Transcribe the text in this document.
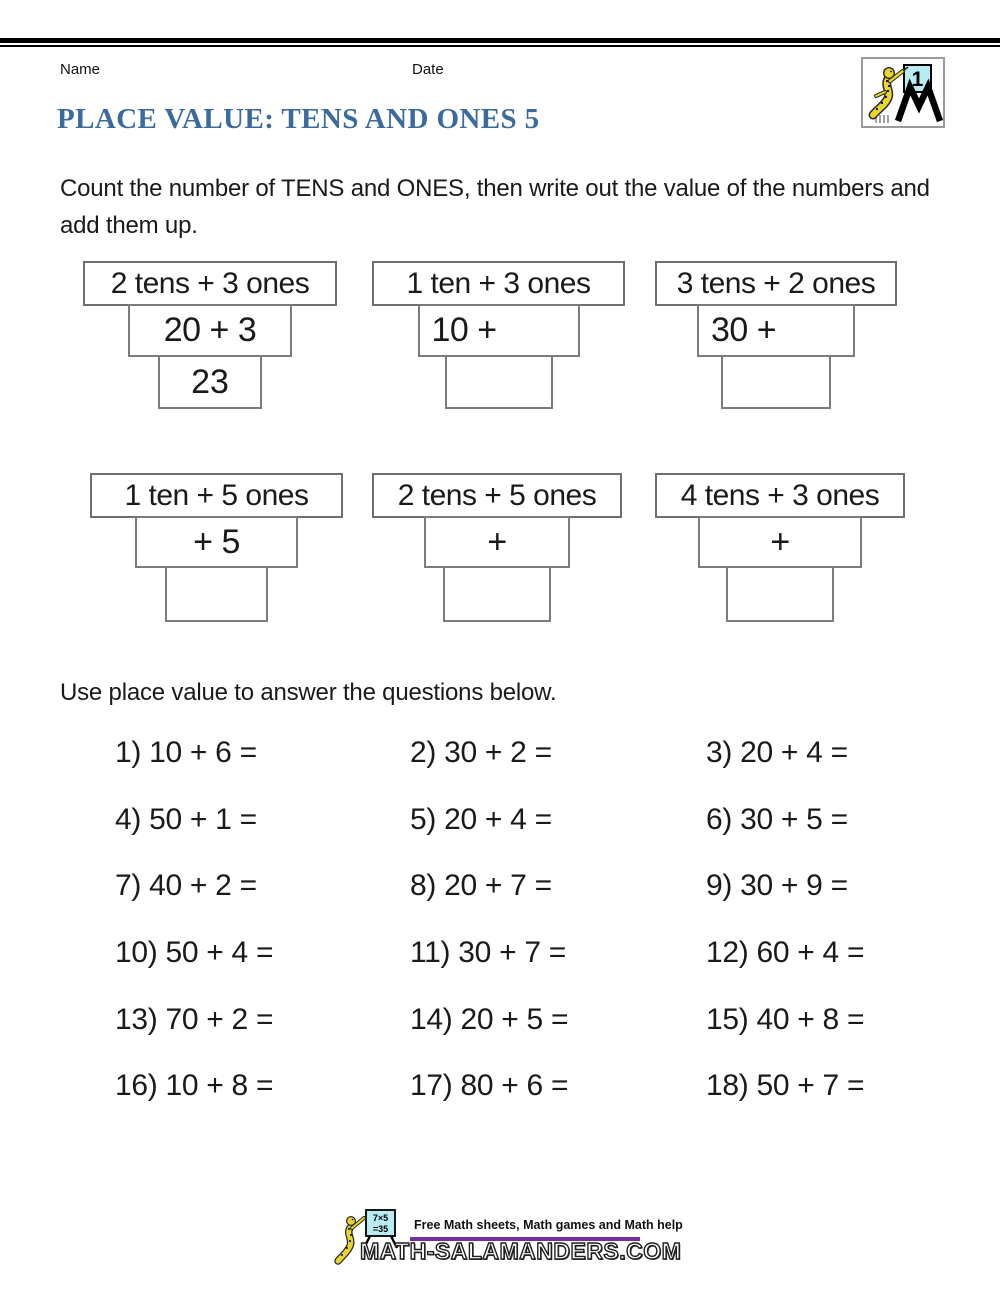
Name	Date	1
PLACE VALUE: TENS AND ONES 5
Count the number of TENS and ONES, then write out the value of the numbers and
add them up.
2 tens + 3 ones
20 + 3
23
1 ten + 3 ones
10 +
3 tens + 2 ones
30 +
1 ten + 5 ones
+ 5
2 tens + 5 ones
+
4 tens + 3 ones
+
Use place value to answer the questions below.
1) 10 + 6 =	2) 30 + 2 =	3) 20 + 4 =
4) 50 + 1 =	5) 20 + 4 =	6) 30 + 5 =
7) 40 + 2 =	8) 20 + 7 =	9) 30 + 9 =
10) 50 + 4 =	11) 30 + 7 =	12) 60 + 4 =
13) 70 + 2 =	14) 20 + 5 =	15) 40 + 8 =
16) 10 + 8 =	17) 80 + 6 =	18) 50 + 7 =
7×5
=35 Free Math sheets, Math games and Math help
MATH-SALAMANDERS.COM
